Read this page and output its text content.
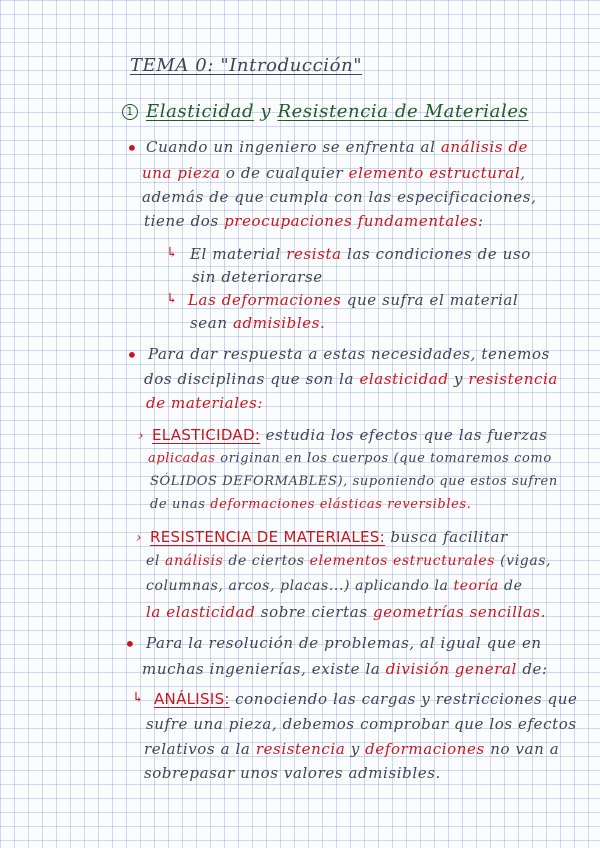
TEMA 0: "Introducción"
1 Elasticidad y Resistencia de Materiales
• Cuando un ingeniero se enfrenta al análisis de
una pieza o de cualquier elemento estructural,
además de que cumpla con las especificaciones,
tiene dos preocupaciones fundamentales:
↳ El material resista las condiciones de uso
sin deteriorarse
↳ Las deformaciones que sufra el material
sean admisibles.
• Para dar respuesta a estas necesidades, tenemos
dos disciplinas que son la elasticidad y resistencia
de materiales:
› ELASTICIDAD: estudia los efectos que las fuerzas
aplicadas originan en los cuerpos (que tomaremos como
SÓLIDOS DEFORMABLES), suponiendo que estos sufren
de unas deformaciones elásticas reversibles.
› RESISTENCIA DE MATERIALES: busca facilitar
el análisis de ciertos elementos estructurales (vigas,
columnas, arcos, placas...) aplicando la teoría de
la elasticidad sobre ciertas geometrías sencillas.
• Para la resolución de problemas, al igual que en
muchas ingenierías, existe la división general de:
↳ ANÁLISIS: conociendo las cargas y restricciones que
sufre una pieza, debemos comprobar que los efectos
relativos a la resistencia y deformaciones no van a
sobrepasar unos valores admisibles.
